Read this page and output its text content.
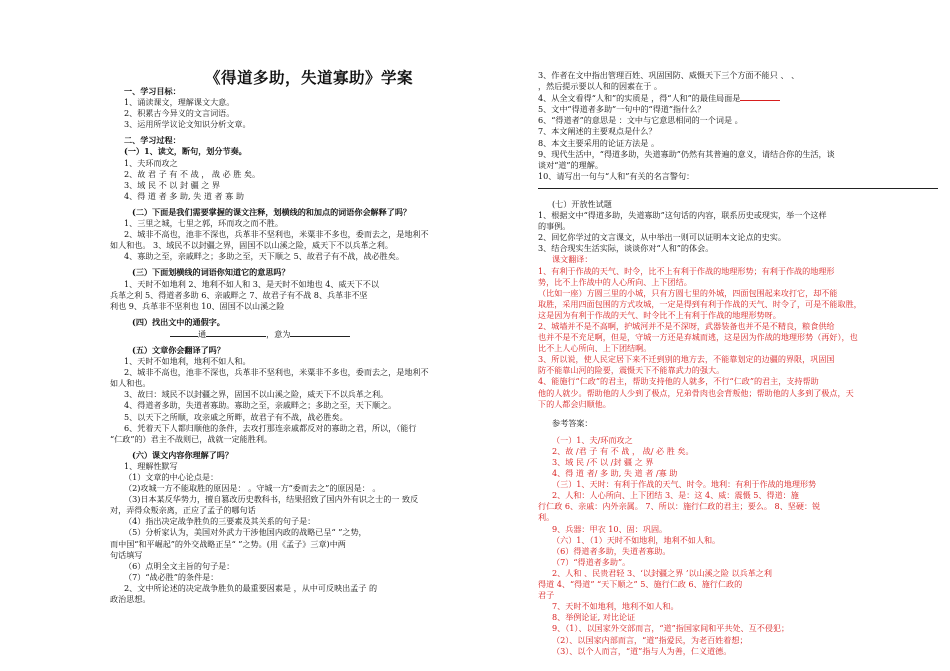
《得道多助，失道寡助》学案
一、学习目标：
1、诵读课文，理解课文大意。
2、积累古今异义的文言词语。
3、运用所学议论文知识分析文章。
二、学习过程：
(一）1、读文，断句，划分节奏。
1、夫环而攻之
2、故 君 子 有 不 战 ， 战 必 胜 矣。
3、域 民 不 以 封 疆 之 界
4、得 道 者 多 助, 失 道 者 寡 助
(二）下面是我们需要掌握的课文注释，划横线的和加点的词语你会解释了吗？
1、三里之城，七里之郭，环而攻之而不胜。
2、城非不高也，池非不深也，兵革非不坚利也，米粟非不多也，委而去之，是地利不
如人和也。 3、域民不以封疆之界，固国不以山溪之险，威天下不以兵革之利。
4、寡助之至，亲戚畔之；多助之至，天下顺之 5、故君子有不战，战必胜矣。
(三）下面划横线的词语你知道它的意思吗？
1、天时不如地利 2、地利不如人和 3、是天时不如地也 4、威天下不以
兵革之利 5、得道者多助 6、亲戚畔之 7、故君子有不战 8、兵革非不坚
利也 9、兵革非不坚利也 10、固国不以山溪之险
(四）找出文中的通假字。
通	，意为
(五）文章你会翻译了吗？
1、天时不如地利，地利不如人和。
2、城非不高也，池非不深也，兵革非不坚利也，米粟非不多也，委而去之，是地利不
如人和也。
3、故曰：域民不以封疆之界，固国不以山溪之险，威天下不以兵革之利。
4、得道者多助，失道者寡助。寡助之至，亲戚畔之；多助之至，天下顺之。
5、以天下之所顺，攻亲戚之所畔，故君子有不战，战必胜矣。
6、凭着天下人都归顺他的条件，去攻打那连亲戚都反对的寡助之君，所以，（能行
“仁政”的）君主不战则已，战就一定能胜利。
(六）课文内容你理解了吗？
1、理解性默写
（1）文章的中心论点是：
（2)攻城一方不能取胜的原因是： 。守城一方“委而去之”的原因是： 。
（3)日本某反华势力，擅自篡改历史教科书，结果招致了国内外有识之士的一 致反
对，弄得众叛亲离，正应了孟子的哪句话
（4）指出决定战争胜负的三要素及其关系的句子是：
（5）分析家认为，美国对外武力干涉他国内政的战略已呈“ ”之势，
而中国“和平崛起”的外交战略正呈“ ”之势。(用《孟子》三章)中两
句话填写
（6）点明全文主旨的句子是：
（7）“战必胜”的条件是：
2、文中所论述的决定战争胜负的最重要因素是 ，从中可反映出孟子 的
政治思想。
3、作者在文中指出管理百姓、巩固国防、威慑天下三个方面不能只 、 、
，然后提示要以人和的因素在于 。
4、从全文看得“人和”的实质是 ，得“人和”的最佳局面是
5、文中“得道者多助”一句中的“得道”指什么？
6、“得道者”的意思是 ：文中与它意思相同的一个词是 。
7、本文阐述的主要观点是什么？
8、本文主要采用的论证方法是 。
9、现代生活中，“得道多助，失道寡助”仍然有其普遍的意义，请结合你的生活，谈
谈对“道”的理解。
10、请写出一句与“人和”有关的名言警句：
(七）开放性试题
1、根据文中“得道多助，失道寡助”这句话的内容，联系历史或现实，举一个这样
的事例。
2、回忆你学过的文言课文，从中举出一则可以证明本文论点的史实。
3、结合现实生活实际，谈谈你对“人和”的体会。
课文翻译：
1、有利于作战的天气、时令，比不上有利于作战的地理形势；有利于作战的地理形
势，比不上作战中的人心所向、上下团结。
（比如一座）方圆三里的小城，只有方圆七里的外城，四面包围起来攻打它，却不能
取胜，采用四面包围的方式攻城，一定是得到有利于作战的天气、时令了，可是不能取胜，
这是因为有利于作战的天气、时令比不上有利于作战的地理形势呀。
2、城墙并不是不高啊，护城河并不是不深呀，武器装备也并不是不精良，粮食供给
也并不是不充足啊，但是，守城一方还是弃城而逃，这是因为作战的地理形势（再好），也
比不上人心所向、上下团结啊。
3、所以说，使人民定居下来不迁到别的地方去，不能靠划定的边疆的界限，巩固国
防不能靠山河的险要，震慑天下不能靠武力的强大。
4、能施行“仁政”的君主，帮助支持他的人就多，不行“仁政”的君主，支持帮助
他的人就少。帮助他的人少到了极点，兄弟骨肉也会背叛他；帮助他的人多到了极点，天
下的人都会归顺他。
参考答案：
（一）1、夫/环而攻之
2、故 /君 子 有 不 战 ， 战/ 必 胜 矣。
3、域 民 /不 以 /封 疆 之 界
4、得 道 者/ 多 助, 失 道 者 /寡 助
（三）1、天时：有利于作战的天气、时令。地利：有利于作战的地理形势
2、人和：人心所向、上下团结 3、是：这 4、威：震慑 5、得道：施
行仁政 6、亲戚：内外亲属。 7、所以：施行仁政的君主；要么。 8、坚硬：锐
利。
9、兵器：甲衣 10、固：巩固。
（六）1、（1）天时不如地利，地利不如人和。
（6）得道者多助，失道者寡助。
（7）“得道者多助”。
2、人和 、民贵君轻 3、‘以封疆之界 ’以山溪之险 以兵革之利
得道 4、“得道” “天下顺之” 5、施行仁政 6、施行仁政的
君子
7、天时不如地利，地利不如人和。
8、举例论证, 对比论证
9、（1）、以国家外交部而言，“道”指国家间和平共处、互不侵犯；
（2）、以国家内部而言，“道”指爱民，为老百姓着想；
（3）、以个人而言，“道”指与人为善，仁义道德。
